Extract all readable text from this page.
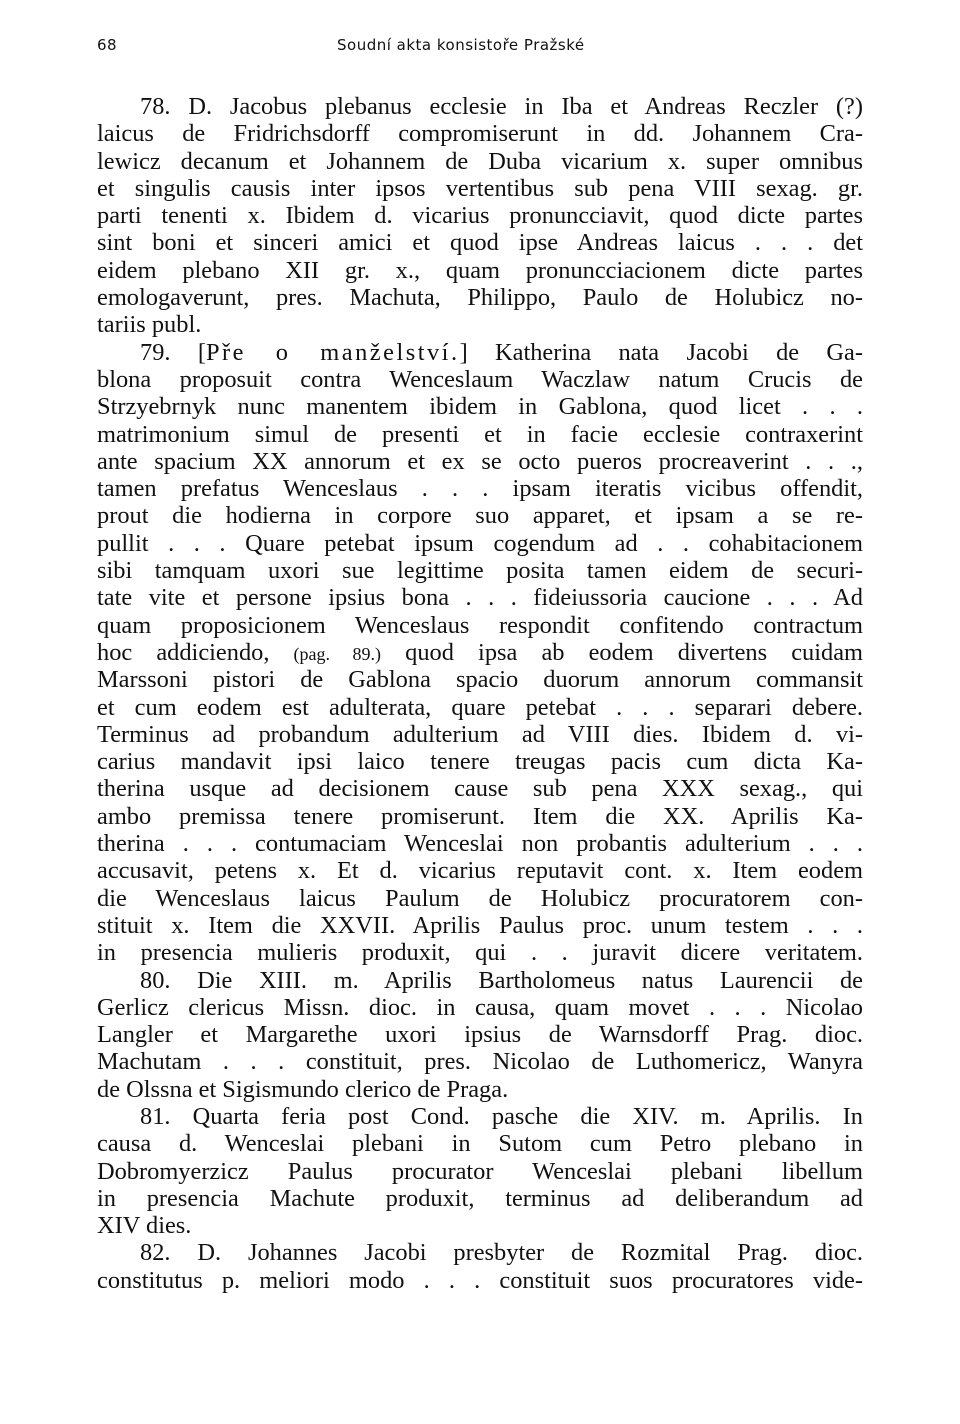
68	Soudní akta konsistoře Pražské
78. D. Jacobus plebanus ecclesie in Iba et Andreas Reczler (?)
laicus de Fridrichsdorff compromiserunt in dd. Johannem Cra-
lewicz decanum et Johannem de Duba vicarium x. super omnibus
et singulis causis inter ipsos vertentibus sub pena VIII sexag. gr.
parti tenenti x. Ibidem d. vicarius pronuncciavit, quod dicte partes
sint boni et sinceri amici et quod ipse Andreas laicus . . . det
eidem plebano XII gr. x., quam pronuncciacionem dicte partes
emologaverunt, pres. Machuta, Philippo, Paulo de Holubicz no-
tariis publ.
79. [Pře o manželství.] Katherina nata Jacobi de Ga-
blona proposuit contra Wenceslaum Waczlaw natum Crucis de
Strzyebrnyk nunc manentem ibidem in Gablona, quod licet . . .
matrimonium simul de presenti et in facie ecclesie contraxerint
ante spacium XX annorum et ex se octo pueros procreaverint . . .,
tamen prefatus Wenceslaus . . . ipsam iteratis vicibus offendit,
prout die hodierna in corpore suo apparet, et ipsam a se re-
pullit . . . Quare petebat ipsum cogendum ad . . cohabitacionem
sibi tamquam uxori sue legittime posita tamen eidem de securi-
tate vite et persone ipsius bona . . . fideiussoria caucione . . . Ad
quam proposicionem Wenceslaus respondit confitendo contractum
hoc addiciendo, (pag. 89.) quod ipsa ab eodem divertens cuidam
Marssoni pistori de Gablona spacio duorum annorum commansit
et cum eodem est adulterata, quare petebat . . . separari debere.
Terminus ad probandum adulterium ad VIII dies. Ibidem d. vi-
carius mandavit ipsi laico tenere treugas pacis cum dicta Ka-
therina usque ad decisionem cause sub pena XXX sexag., qui
ambo premissa tenere promiserunt. Item die XX. Aprilis Ka-
therina . . . contumaciam Wenceslai non probantis adulterium . . .
accusavit, petens x. Et d. vicarius reputavit cont. x. Item eodem
die Wenceslaus laicus Paulum de Holubicz procuratorem con-
stituit x. Item die XXVII. Aprilis Paulus proc. unum testem . . .
in presencia mulieris produxit, qui . . juravit dicere veritatem.
80. Die XIII. m. Aprilis Bartholomeus natus Laurencii de
Gerlicz clericus Missn. dioc. in causa, quam movet . . . Nicolao
Langler et Margarethe uxori ipsius de Warnsdorff Prag. dioc.
Machutam . . . constituit, pres. Nicolao de Luthomericz, Wanyra
de Olssna et Sigismundo clerico de Praga.
81. Quarta feria post Cond. pasche die XIV. m. Aprilis. In
causa d. Wenceslai plebani in Sutom cum Petro plebano in
Dobromyerzicz Paulus procurator Wenceslai plebani libellum
in presencia Machute produxit, terminus ad deliberandum ad
XIV dies.
82. D. Johannes Jacobi presbyter de Rozmital Prag. dioc.
constitutus p. meliori modo . . . constituit suos procuratores vide-
